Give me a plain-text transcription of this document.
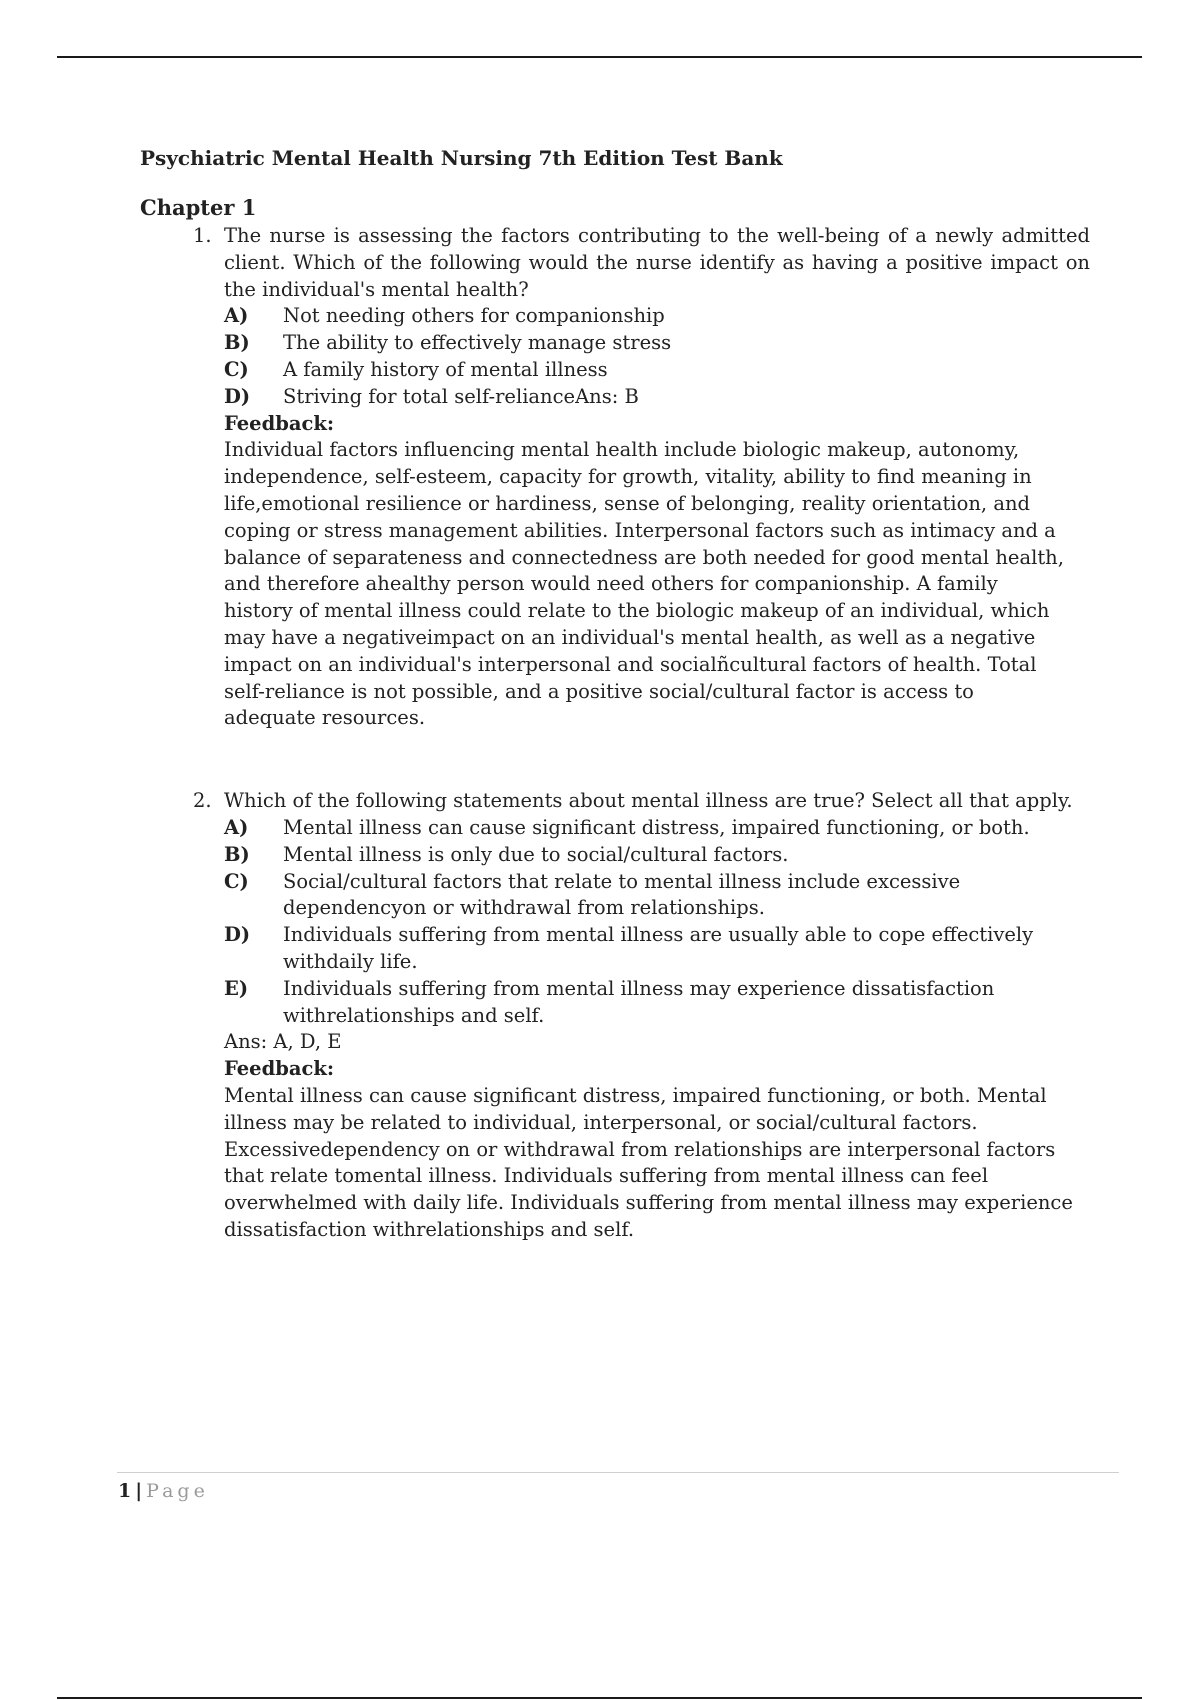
Psychiatric Mental Health Nursing 7th Edition Test Bank
Chapter 1
1. The nurse is assessing the factors contributing to the well-being of a newly admitted client. Which of the following would the nurse identify as having a positive impact on the individual's mental health?

A) Not needing others for companionship
B) The ability to effectively manage stress
C) A family history of mental illness
D) Striving for total self-relianceAns: B

Feedback:

Individual factors influencing mental health include biologic makeup, autonomy, independence, self-esteem, capacity for growth, vitality, ability to find meaning in life,emotional resilience or hardiness, sense of belonging, reality orientation, and coping or stress management abilities. Interpersonal factors such as intimacy and a balance of separateness and connectedness are both needed for good mental health, and therefore ahealthy person would need others for companionship. A family history of mental illness could relate to the biologic makeup of an individual, which may have a negativeimpact on an individual's mental health, as well as a negative impact on an individual's interpersonal and socialñcultural factors of health. Total self-reliance is not possible, and a positive social/cultural factor is access to adequate resources.

2. Which of the following statements about mental illness are true? Select all that apply.

A) Mental illness can cause significant distress, impaired functioning, or both.
B) Mental illness is only due to social/cultural factors.
C) Social/cultural factors that relate to mental illness include excessive dependencyon or withdrawal from relationships.
D) Individuals suffering from mental illness are usually able to cope effectively withdaily life.
E) Individuals suffering from mental illness may experience dissatisfaction withrelationships and self.

Ans: A, D, E

Feedback:

Mental illness can cause significant distress, impaired functioning, or both. Mental illness may be related to individual, interpersonal, or social/cultural factors. Excessivedependency on or withdrawal from relationships are interpersonal factors that relate tomental illness. Individuals suffering from mental illness can feel overwhelmed with daily life. Individuals suffering from mental illness may experience dissatisfaction withrelationships and self.

1 | Page
